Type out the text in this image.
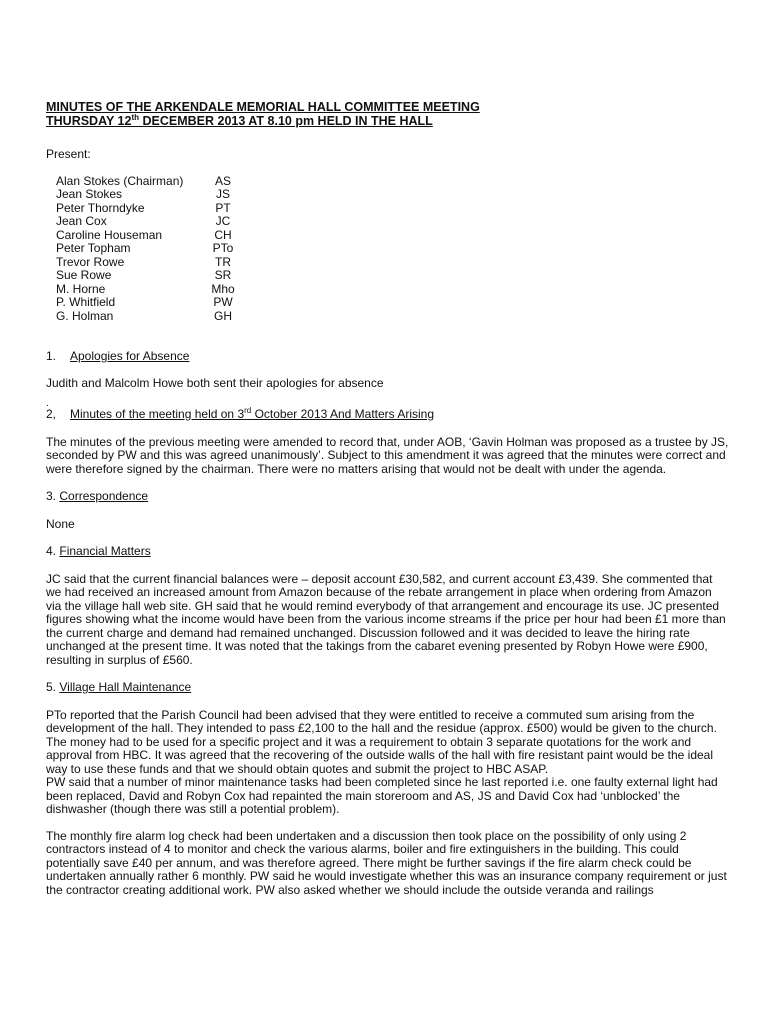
MINUTES OF THE ARKENDALE MEMORIAL HALL COMMITTEE MEETING
THURSDAY 12th DECEMBER 2013 AT 8.10 pm HELD IN THE HALL
Present:
Alan Stokes (Chairman)	AS
Jean Stokes	JS
Peter Thorndyke	PT
Jean Cox	JC
Caroline Houseman	CH
Peter Topham	PTo
Trevor Rowe	TR
Sue Rowe	SR
M. Horne	Mho
P. Whitfield	PW
G. Holman	GH
1.	Apologies for Absence

Judith and Malcolm Howe both sent their apologies for absence

.
2,	Minutes of the meeting held on 3rd October 2013 And Matters Arising

The minutes of the previous meeting were amended to record that, under AOB, ‘Gavin Holman was proposed as a trustee by JS, seconded by PW and this was agreed unanimously’. Subject to this amendment it was agreed that the minutes were correct and were therefore signed by the chairman. There were no matters arising that would not be dealt with under the agenda.

3. Correspondence

None

4. Financial Matters

JC said that the current financial balances were – deposit account £30,582, and current account £3,439. She commented that we had received an increased amount from Amazon because of the rebate arrangement in place when ordering from Amazon via the village hall web site. GH said that he would remind everybody of that arrangement and encourage its use. JC presented figures showing what the income would have been from the various income streams if the price per hour had been £1 more than the current charge and demand had remained unchanged. Discussion followed and it was decided to leave the hiring rate unchanged at the present time. It was noted that the takings from the cabaret evening presented by Robyn Howe were £900, resulting in surplus of £560.

5. Village Hall Maintenance

PTo reported that the Parish Council had been advised that they were entitled to receive a commuted sum arising from the development of the hall. They intended to pass £2,100 to the hall and the residue (approx. £500) would be given to the church. The money had to be used for a specific project and it was a requirement to obtain 3 separate quotations for the work and approval from HBC. It was agreed that the recovering of the outside walls of the hall with fire resistant paint would be the ideal way to use these funds and that we should obtain quotes and submit the project to HBC ASAP.

PW said that a number of minor maintenance tasks had been completed since he last reported i.e. one faulty external light had been replaced, David and Robyn Cox had repainted the main storeroom and AS, JS and David Cox had ‘unblocked’ the dishwasher (though there was still a potential problem).

The monthly fire alarm log check had been undertaken and a discussion then took place on the possibility of only using 2 contractors instead of 4 to monitor and check the various alarms, boiler and fire extinguishers in the building. This could potentially save £40 per annum, and was therefore agreed. There might be further savings if the fire alarm check could be undertaken annually rather 6 monthly. PW said he would investigate whether this was an insurance company requirement or just the contractor creating additional work. PW also asked whether we should include the outside veranda and railings
